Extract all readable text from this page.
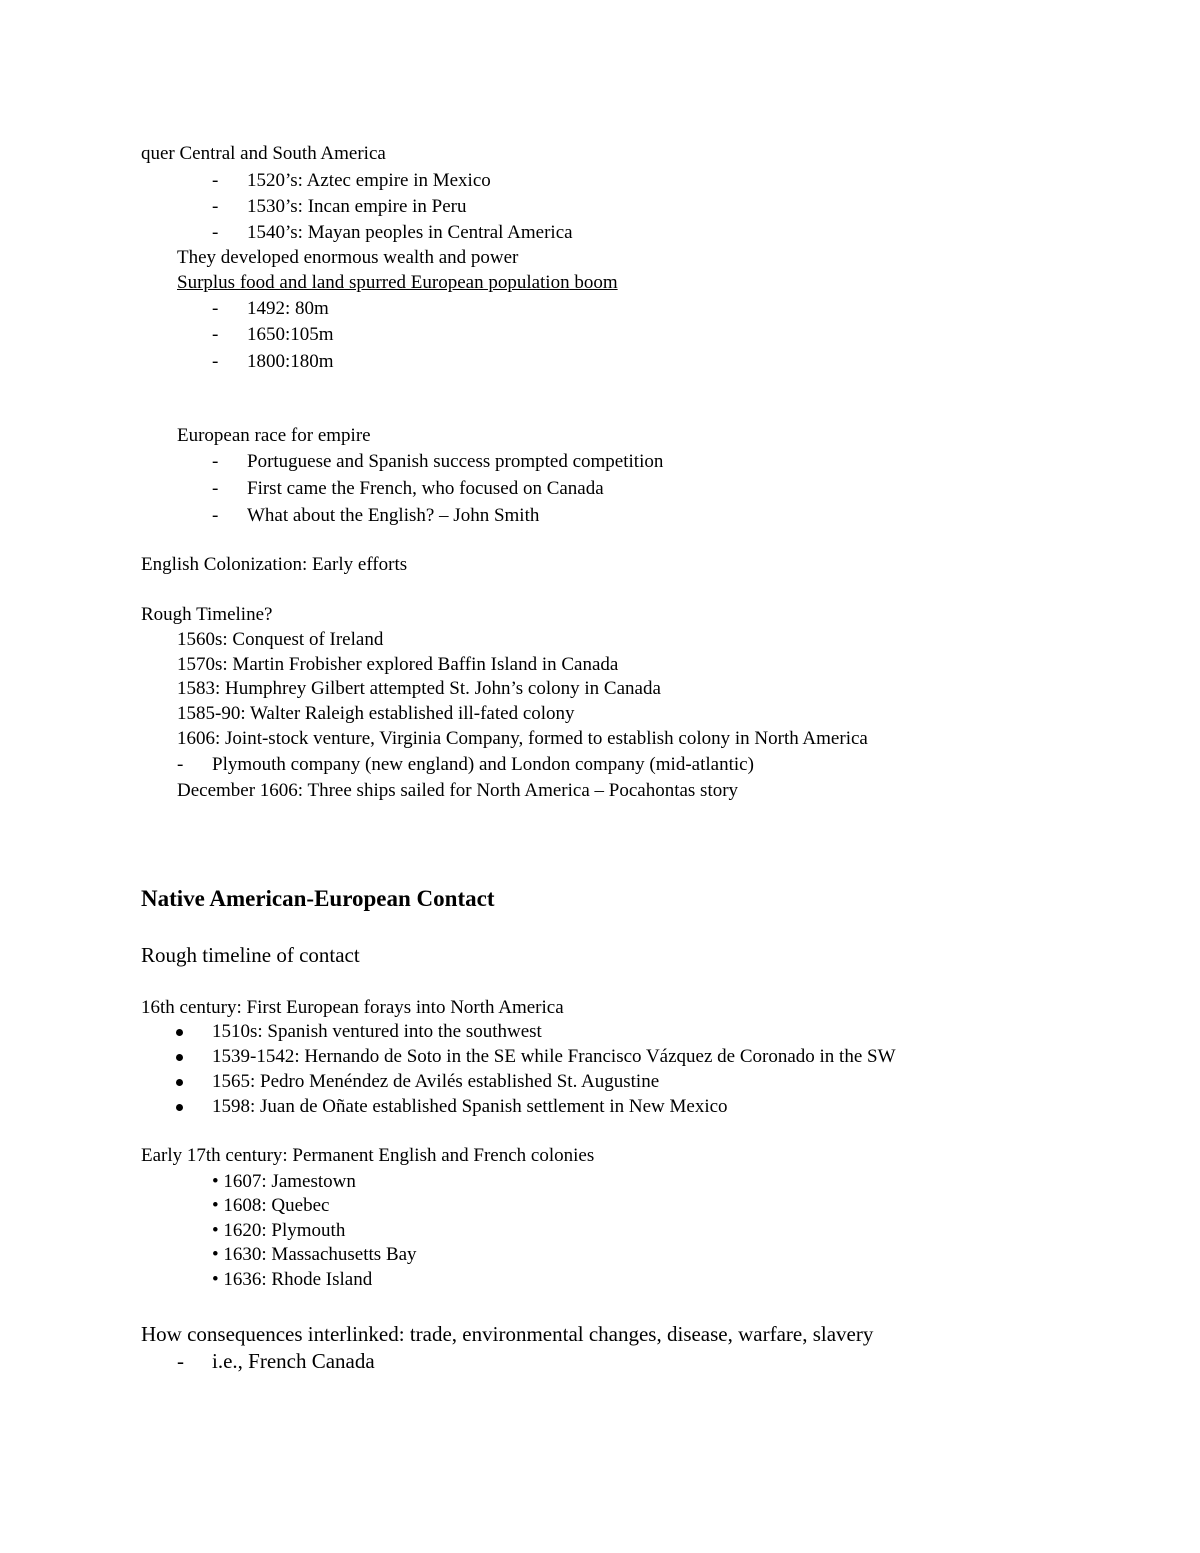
quer Central and South America
- 1520’s: Aztec empire in Mexico
- 1530’s: Incan empire in Peru
- 1540’s: Mayan peoples in Central America
They developed enormous wealth and power
Surplus food and land spurred European population boom
- 1492: 80m
- 1650:105m
- 1800:180m
European race for empire
- Portuguese and Spanish success prompted competition
- First came the French, who focused on Canada
- What about the English? – John Smith
English Colonization: Early efforts
Rough Timeline?
1560s: Conquest of Ireland
1570s: Martin Frobisher explored Baffin Island in Canada
1583: Humphrey Gilbert attempted St. John’s colony in Canada
1585-90: Walter Raleigh established ill-fated colony
1606: Joint-stock venture, Virginia Company, formed to establish colony in North America
- Plymouth company (new england) and London company (mid-atlantic)
December 1606: Three ships sailed for North America – Pocahontas story
Native American-European Contact
Rough timeline of contact
16th century: First European forays into North America
1510s: Spanish ventured into the southwest
1539-1542: Hernando de Soto in the SE while Francisco Vázquez de Coronado in the SW
1565: Pedro Menéndez de Avilés established St. Augustine
1598: Juan de Oñate established Spanish settlement in New Mexico
Early 17th century: Permanent English and French colonies
• 1607: Jamestown
• 1608: Quebec
• 1620: Plymouth
• 1630: Massachusetts Bay
• 1636: Rhode Island
How consequences interlinked: trade, environmental changes, disease, warfare, slavery
- i.e., French Canada
